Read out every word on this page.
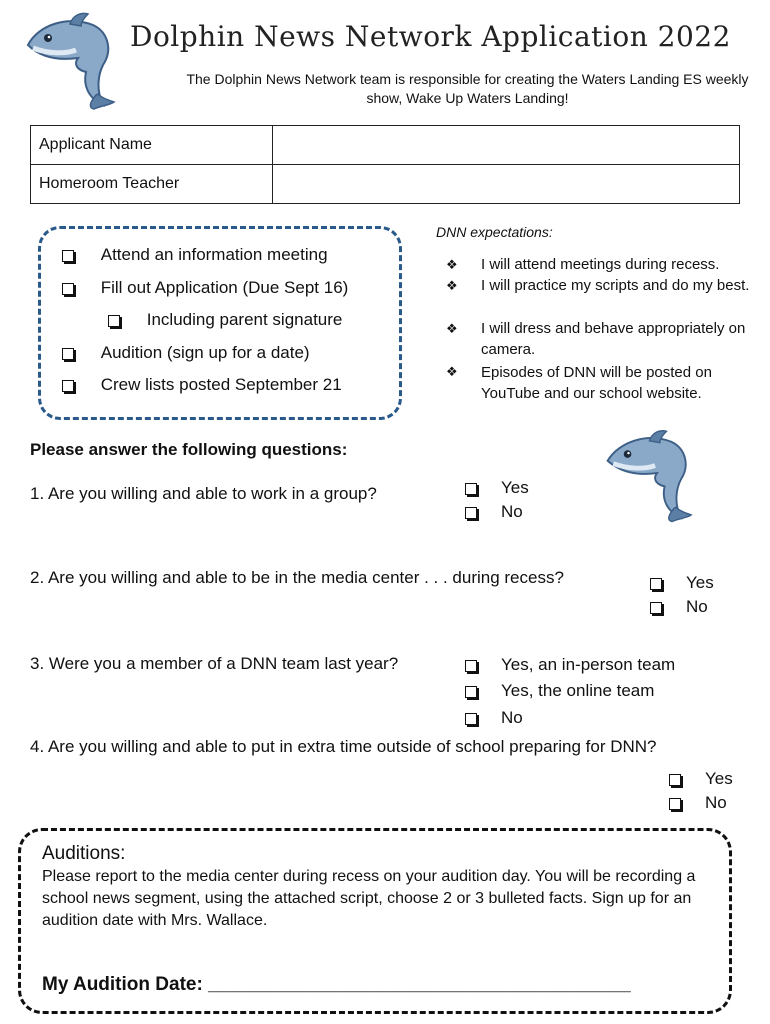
Dolphin News Network Application 2022
The Dolphin News Network team is responsible for creating the Waters Landing ES weekly show, Wake Up Waters Landing!
Applicant Name	
Homeroom Teacher	
Attend an information meeting
Fill out Application (Due Sept 16)
Including parent signature
Audition (sign up for a date)
Crew lists posted September 21
DNN expectations:
❖ I will attend meetings during recess.
❖ I will practice my scripts and do my best.
❖ I will dress and behave appropriately on camera.
❖ Episodes of DNN will be posted on YouTube and our school website.
Please answer the following questions:
1. Are you willing and able to work in a group?	Yes
No
2. Are you willing and able to be in the media center . . . during recess?	Yes
No
3. Were you a member of a DNN team last year?	Yes, an in-person team
Yes, the online team
No
4. Are you willing and able to put in extra time outside of school preparing for DNN?
Yes
No
Auditions:
Please report to the media center during recess on your audition day. You will be recording a school news segment, using the attached script, choose 2 or 3 bulleted facts. Sign up for an audition date with Mrs. Wallace.
My Audition Date: ________________________________________
